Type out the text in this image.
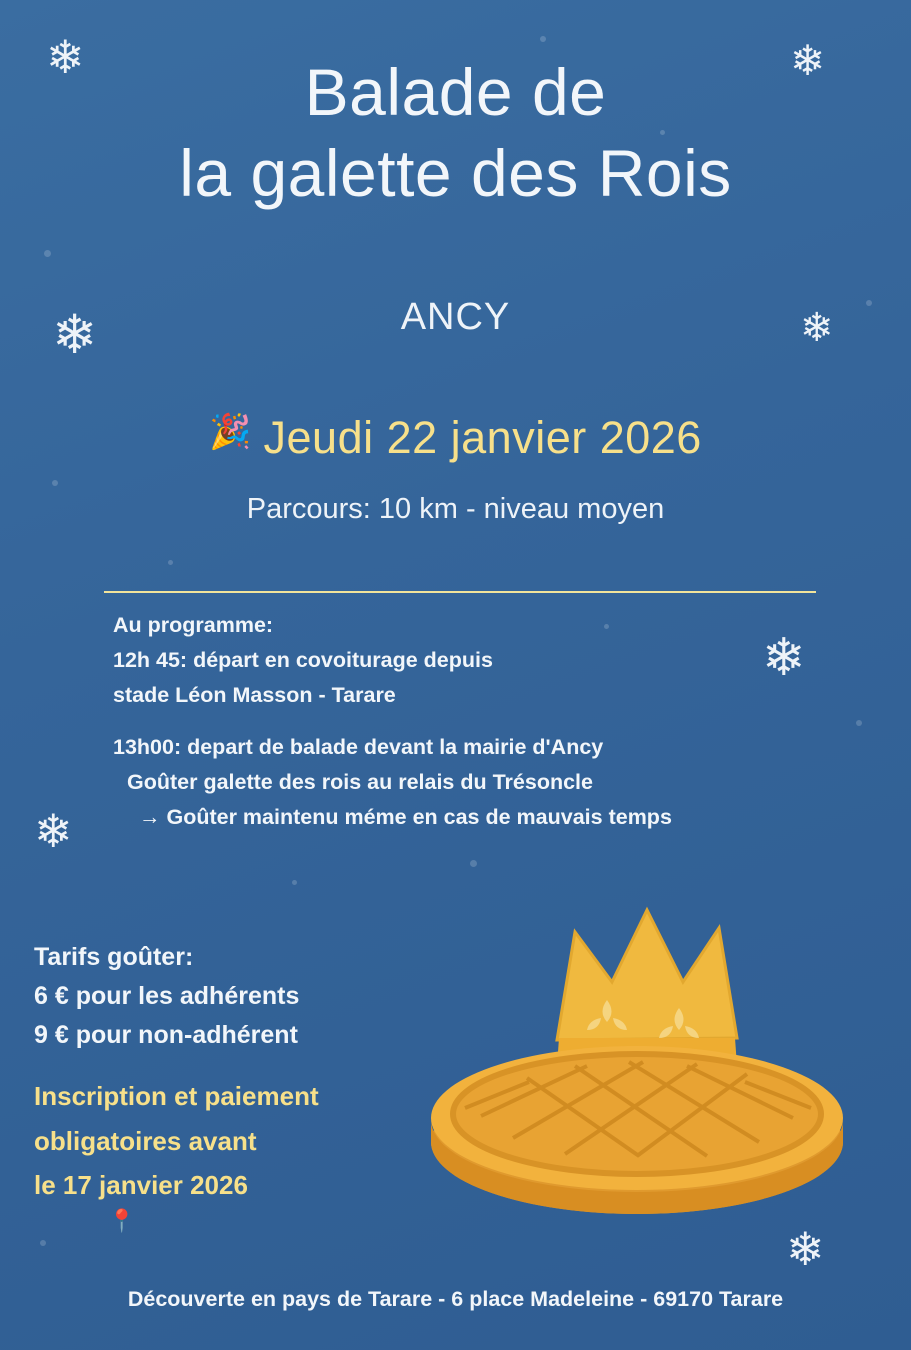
❄	❄
❄	❄
❄
❄
❄
Balade de
la galette des Rois
ANCY
🎉 Jeudi 22 janvier 2026
Parcours: 10 km - niveau moyen
Au programme:
12h 45: départ en covoiturage depuis
stade Léon Masson - Tarare
13h00: depart de balade devant la mairie d'Ancy
Goûter galette des rois au relais du Trésoncle
→ Goûter maintenu méme en cas de mauvais temps
Tarifs goûter:
6 € pour les adhérents
9 € pour non-adhérent
Inscription et paiement
obligatoires avant
le 17 janvier 2026
📍
Découverte en pays de Tarare - 6 place Madeleine - 69170 Tarare
